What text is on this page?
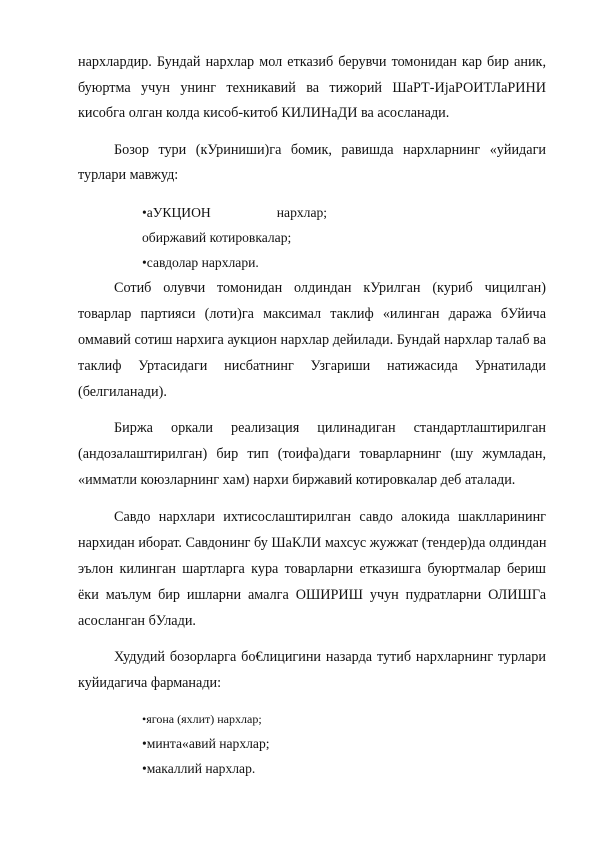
нархлардир. Бундай нархлар мол етказиб берувчи томонидан кар бир аник,
буюртма учун унинг техникавий ва тижорий ШаРТ-ИjаРОИТЛаРИНИ
кисобга олган колда кисоб-китоб КИЛИНаДИ ва асосланади.
Бозор тури (кУриниши)га бомик, равишда нархларнинг «уйидаги
турлари мавжуд:
•аУКЦИОН	нархлар;
обиржавий котировкалар;
•савдолар нархлари.
Сотиб олувчи томонидан олдиндан кУрилган (куриб чицилган)
товарлар партияси (лоти)га максимал таклиф «илинган даража бУйича
оммавий сотиш нархига аукцион нархлар дейилади. Бундай нархлар талаб ва
таклиф Уртасидаги нисбатнинг Узгариши натижасида Урнатилади
(белгиланади).
Биржа оркали реализация цилинадиган стандартлаштирилган
(андозалаштирилган) бир тип (тоифа)даги товарларнинг (шу жумладан,
«имматли коюзларнинг хам) нархи биржавий котировкалар деб аталади.
Савдо нархлари ихтисослаштирилган савдо алокида шаклларининг
нархидан иборат. Савдонинг бу ШаКЛИ махсус жужжат (тендер)да олдиндан
эълон килинган шартларга кура товарларни етказишга буюртмалар бериш
ёки маълум бир ишларни амалга ОШИРИШ учун пудратларни ОЛИШГа
асосланган бУлади.
Худудий бозорларга бо€лицигини назарда тутиб нархларнинг турлари
куйидагича фарманади:
•ягона (яхлит) нархлар;
•минта«авий нархлар;
•макаллий нархлар.
